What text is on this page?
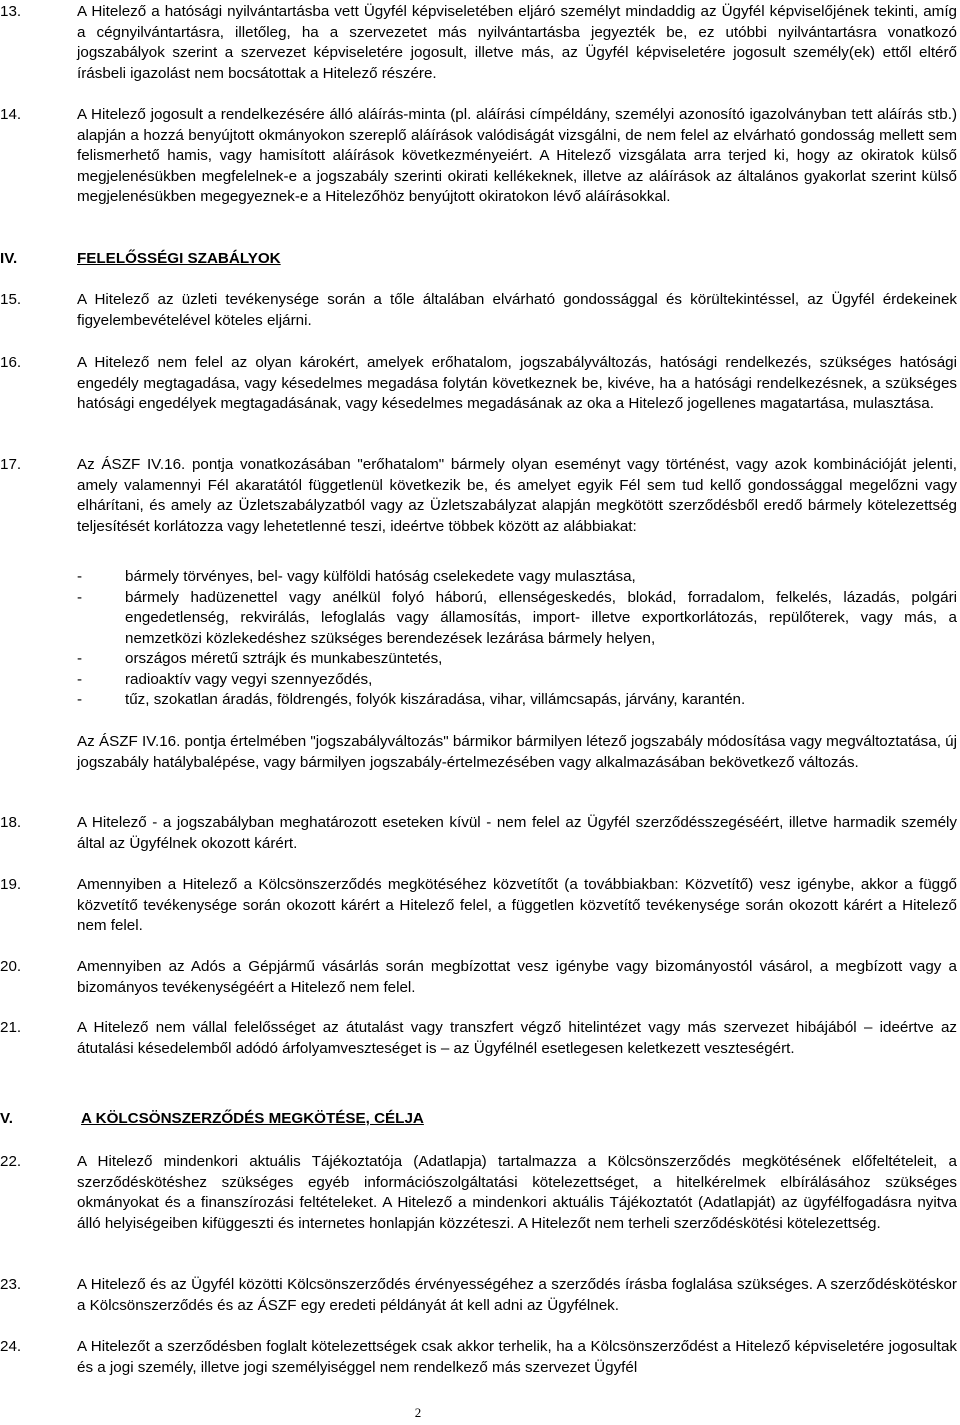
13.	A Hitelező a hatósági nyilvántartásba vett Ügyfél képviseletében eljáró személyt mindaddig az Ügyfél képviselőjének tekinti, amíg a cégnyilvántartásra, illetőleg, ha a szervezetet más nyilvántartásba jegyezték be, ez utóbbi nyilvántartásra vonatkozó jogszabályok szerint a szervezet képviseletére jogosult, illetve más, az Ügyfél képviseletére jogosult személy(ek) ettől eltérő írásbeli igazolást nem bocsátottak a Hitelező részére.
14.	A Hitelező jogosult a rendelkezésére álló aláírás-minta (pl. aláírási címpéldány, személyi azonosító igazolványban tett aláírás stb.) alapján a hozzá benyújtott okmányokon szereplő aláírások valódiságát vizsgálni, de nem felel az elvárható gondosság mellett sem felismerhető hamis, vagy hamisított aláírások következményeiért. A Hitelező vizsgálata arra terjed ki, hogy az okiratok külső megjelenésükben megfelelnek-e a jogszabály szerinti okirati kellékeknek, illetve az aláírások az általános gyakorlat szerint külső megjelenésükben megegyeznek-e a Hitelezőhöz benyújtott okiratokon lévő aláírásokkal.
IV.	FELELŐSSÉGI SZABÁLYOK
15.	A Hitelező az üzleti tevékenysége során a tőle általában elvárható gondossággal és körültekintéssel, az Ügyfél érdekeinek figyelembevételével köteles eljárni.
16.	A Hitelező nem felel az olyan károkért, amelyek erőhatalom, jogszabályváltozás, hatósági rendelkezés, szükséges hatósági engedély megtagadása, vagy késedelmes megadása folytán következnek be, kivéve, ha a hatósági rendelkezésnek, a szükséges hatósági engedélyek megtagadásának, vagy késedelmes megadásának az oka a Hitelező jogellenes magatartása, mulasztása.
17.	Az ÁSZF IV.16. pontja vonatkozásában "erőhatalom" bármely olyan eseményt vagy történést, vagy azok kombinációját jelenti, amely valamennyi Fél akaratától függetlenül következik be, és amelyet egyik Fél sem tud kellő gondossággal megelőzni vagy elhárítani, és amely az Üzletszabályzatból vagy az Üzletszabályzat alapján megkötött szerződésből eredő bármely kötelezettség teljesítését korlátozza vagy lehetetlenné teszi, ideértve többek között az alábbiakat:
-	bármely törvényes, bel- vagy külföldi hatóság cselekedete vagy mulasztása,
-	bármely hadüzenettel vagy anélkül folyó háború, ellenségeskedés, blokád, forradalom, felkelés, lázadás, polgári engedetlenség, rekvirálás, lefoglalás vagy államosítás, import- illetve exportkorlátozás, repülőterek, vagy más, a nemzetközi közlekedéshez szükséges berendezések lezárása bármely helyen,
-	országos méretű sztrájk és munkabeszüntetés,
-	radioaktív vagy vegyi szennyeződés,
-	tűz, szokatlan áradás, földrengés, folyók kiszáradása, vihar, villámcsapás, járvány, karantén.
Az ÁSZF IV.16. pontja értelmében "jogszabályváltozás" bármikor bármilyen létező jogszabály módosítása vagy megváltoztatása, új jogszabály hatálybalépése, vagy bármilyen jogszabály-értelmezésében vagy alkalmazásában bekövetkező változás.
18.	A Hitelező - a jogszabályban meghatározott eseteken kívül - nem felel az Ügyfél szerződésszegéséért, illetve harmadik személy által az Ügyfélnek okozott kárért.
19.	Amennyiben a Hitelező a Kölcsönszerződés megkötéséhez közvetítőt (a továbbiakban: Közvetítő) vesz igénybe, akkor a függő közvetítő tevékenysége során okozott kárért a Hitelező felel, a független közvetítő tevékenysége során okozott kárért a Hitelező nem felel.
20.	Amennyiben az Adós a Gépjármű vásárlás során megbízottat vesz igénybe vagy bizományostól vásárol, a megbízott vagy a bizományos tevékenységéért a Hitelező nem felel.
21.	A Hitelező nem vállal felelősséget az átutalást vagy transzfert végző hitelintézet vagy más szervezet hibájából – ideértve az átutalási késedelemből adódó árfolyamveszteséget is – az Ügyfélnél esetlegesen keletkezett veszteségért.
V.	A KÖLCSÖNSZERZŐDÉS MEGKÖTÉSE, CÉLJA
22.	A Hitelező mindenkori aktuális Tájékoztatója (Adatlapja) tartalmazza a Kölcsönszerződés megkötésének előfeltételeit, a szerződéskötéshez szükséges egyéb információszolgáltatási kötelezettséget, a hitelkérelmek elbírálásához szükséges okmányokat és a finanszírozási feltételeket. A Hitelező a mindenkori aktuális Tájékoztatót (Adatlapját) az ügyfélfogadásra nyitva álló helyiségeiben kifüggeszti és internetes honlapján közzéteszi. A Hitelezőt nem terheli szerződéskötési kötelezettség.
23.	A Hitelező és az Ügyfél közötti Kölcsönszerződés érvényességéhez a szerződés írásba foglalása szükséges. A szerződéskötéskor a Kölcsönszerződés és az ÁSZF egy eredeti példányát át kell adni az Ügyfélnek.
24.	A Hitelezőt a szerződésben foglalt kötelezettségek csak akkor terhelik, ha a Kölcsönszerződést a Hitelező képviseletére jogosultak és a jogi személy, illetve jogi személyiséggel nem rendelkező más szervezet Ügyfél
2
